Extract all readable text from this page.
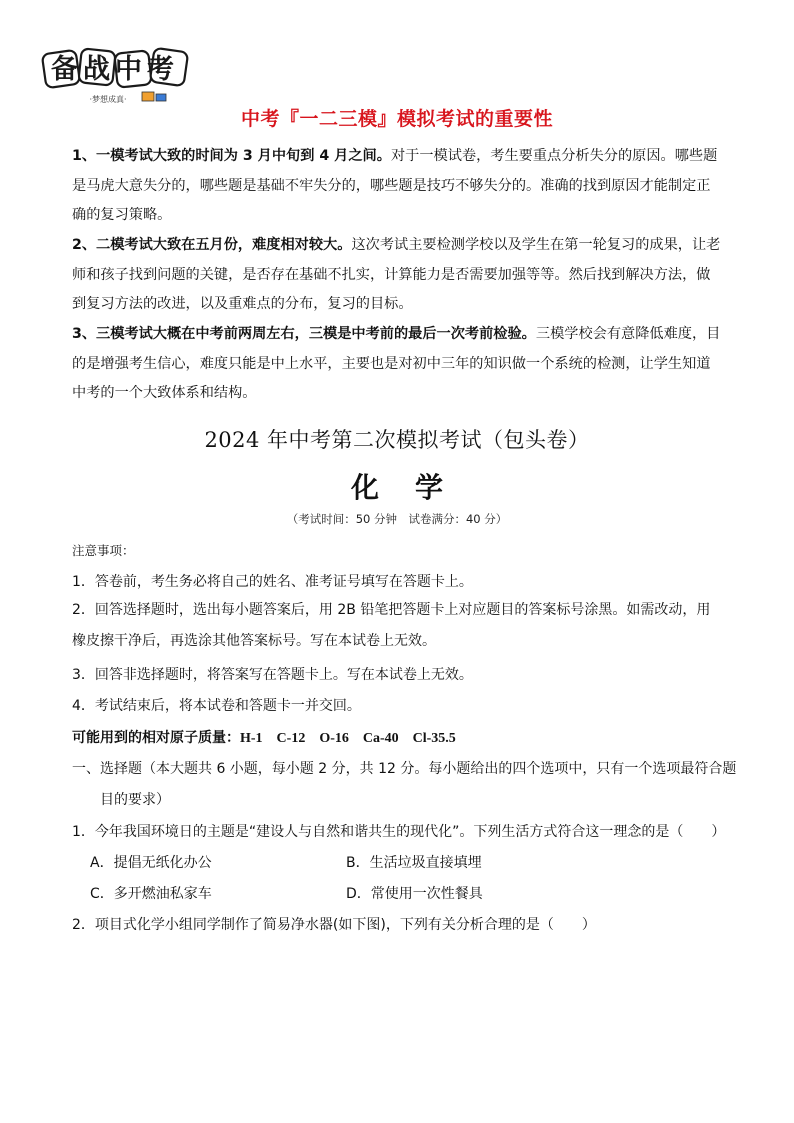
备战中考
·梦想成真·
中考『一二三模』模拟考试的重要性

1、一模考试大致的时间为 3 月中旬到 4 月之间。对于一模试卷，考生要重点分析失分的原因。哪些题是马虎大意失分的，哪些题是基础不牢失分的，哪些题是技巧不够失分的。准确的找到原因才能制定正确的复习策略。

2、二模考试大致在五月份，难度相对较大。这次考试主要检测学校以及学生在第一轮复习的成果，让老师和孩子找到问题的关键，是否存在基础不扎实，计算能力是否需要加强等等。然后找到解决方法，做到复习方法的改进，以及重难点的分布，复习的目标。

3、三模考试大概在中考前两周左右，三模是中考前的最后一次考前检验。三模学校会有意降低难度，目的是增强考生信心，难度只能是中上水平，主要也是对初中三年的知识做一个系统的检测，让学生知道中考的一个大致体系和结构。

2024 年中考第二次模拟考试（包头卷）
化学
（考试时间：50 分钟　试卷满分：40 分）
注意事项：
1．答卷前，考生务必将自己的姓名、准考证号填写在答题卡上。
2．回答选择题时，选出每小题答案后，用 2B 铅笔把答题卡上对应题目的答案标号涂黑。如需改动，用橡皮擦干净后，再选涂其他答案标号。写在本试卷上无效。
3．回答非选择题时，将答案写在答题卡上。写在本试卷上无效。
4．考试结束后，将本试卷和答题卡一并交回。
可能用到的相对原子质量：H-1　C-12　O-16　Ca-40　Cl-35.5
一、选择题（本大题共 6 小题，每小题 2 分，共 12 分。每小题给出的四个选项中，只有一个选项最符合题
目的要求）
1．今年我国环境日的主题是“建设人与自然和谐共生的现代化”。下列生活方式符合这一理念的是（　　）
A．提倡无纸化办公	B．生活垃圾直接填埋
C．多开燃油私家车	D．常使用一次性餐具
2．项目式化学小组同学制作了简易净水器(如下图)，下列有关分析合理的是（　　）
